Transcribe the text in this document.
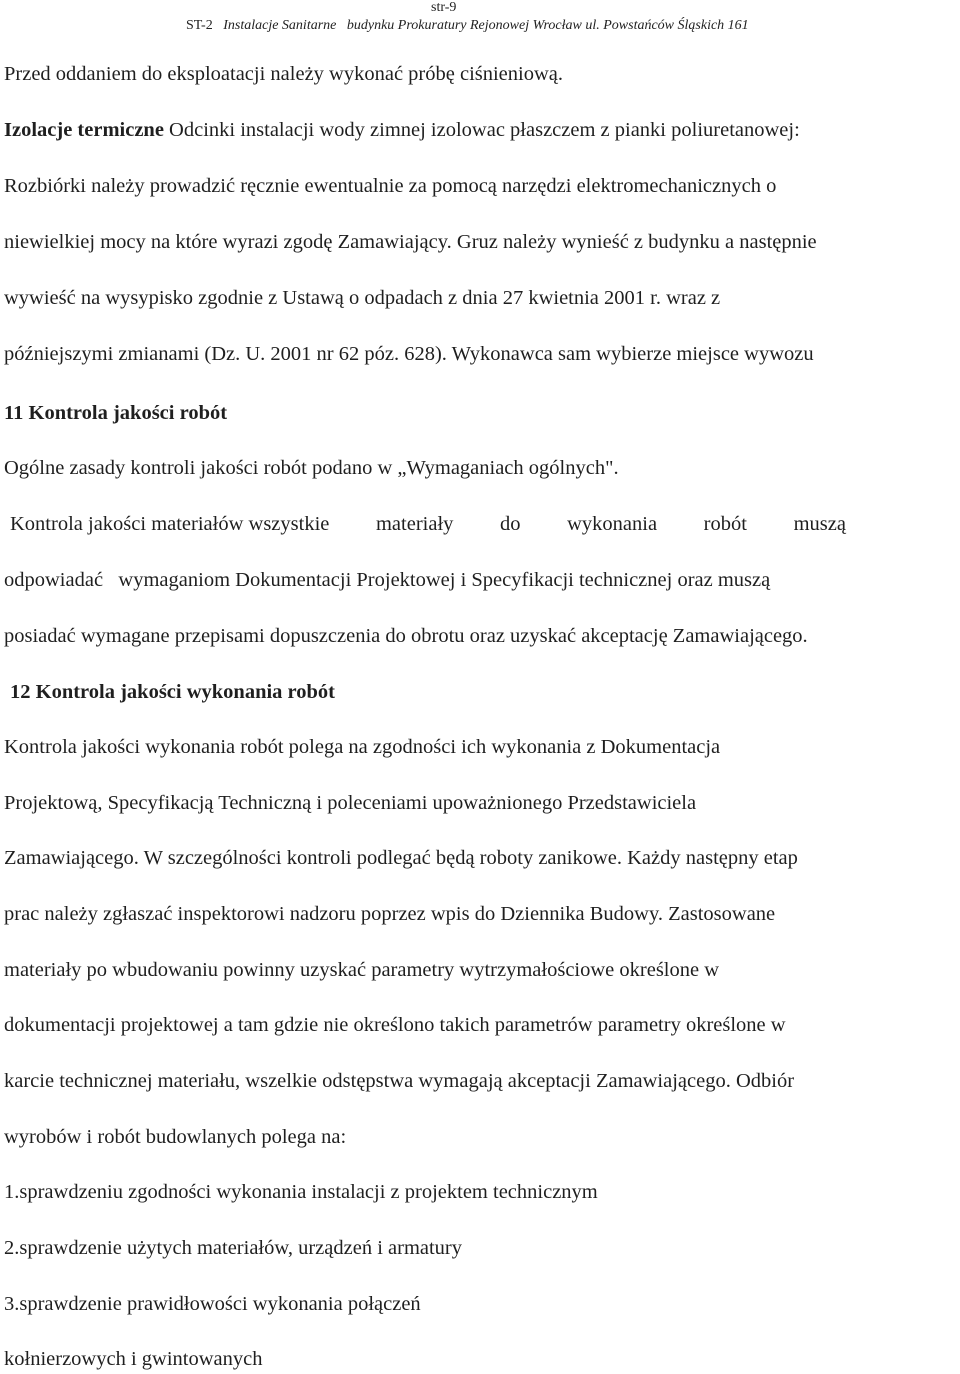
str-9
ST-2 Instalacje Sanitarne budynku Prokuratury Rejonowej Wrocław ul. Powstańców Śląskich 161
Przed oddaniem do eksploatacji należy wykonać próbę ciśnieniową.
Izolacje termiczne Odcinki instalacji wody zimnej izolowac płaszczem z pianki poliuretanowej:
Rozbiórki należy prowadzić ręcznie ewentualnie za pomocą narzędzi elektromechanicznych o
niewielkiej mocy na które wyrazi zgodę Zamawiający. Gruz należy wynieść z budynku a następnie
wywieść na wysypisko zgodnie z Ustawą o odpadach z dnia 27 kwietnia 2001 r. wraz z
późniejszymi zmianami (Dz. U. 2001 nr 62 póz. 628). Wykonawca sam wybierze miejsce wywozu
11 Kontrola jakości robót
Ogólne zasady kontroli jakości robót podano w „Wymaganiach ogólnych".
Kontrola jakości materiałów wszystkie materiały do wykonania robót muszą
odpowiadać   wymaganiom Dokumentacji Projektowej i Specyfikacji technicznej oraz muszą
posiadać wymagane przepisami dopuszczenia do obrotu oraz uzyskać akceptację Zamawiającego.
12 Kontrola jakości wykonania robót
Kontrola jakości wykonania robót polega na zgodności ich wykonania z Dokumentacja
Projektową, Specyfikacją Techniczną i poleceniami upoważnionego Przedstawiciela
Zamawiającego. W szczególności kontroli podlegać będą roboty zanikowe. Każdy następny etap
prac należy zgłaszać inspektorowi nadzoru poprzez wpis do Dziennika Budowy. Zastosowane
materiały po wbudowaniu powinny uzyskać parametry wytrzymałościowe określone w
dokumentacji projektowej a tam gdzie nie określono takich parametrów parametry określone w
karcie technicznej materiału, wszelkie odstępstwa wymagają akceptacji Zamawiającego. Odbiór
wyrobów i robót budowlanych polega na:
1.sprawdzeniu zgodności wykonania instalacji z projektem technicznym
2.sprawdzenie użytych materiałów, urządzeń i armatury
3.sprawdzenie prawidłowości wykonania połączeń
kołnierzowych i gwintowanych
